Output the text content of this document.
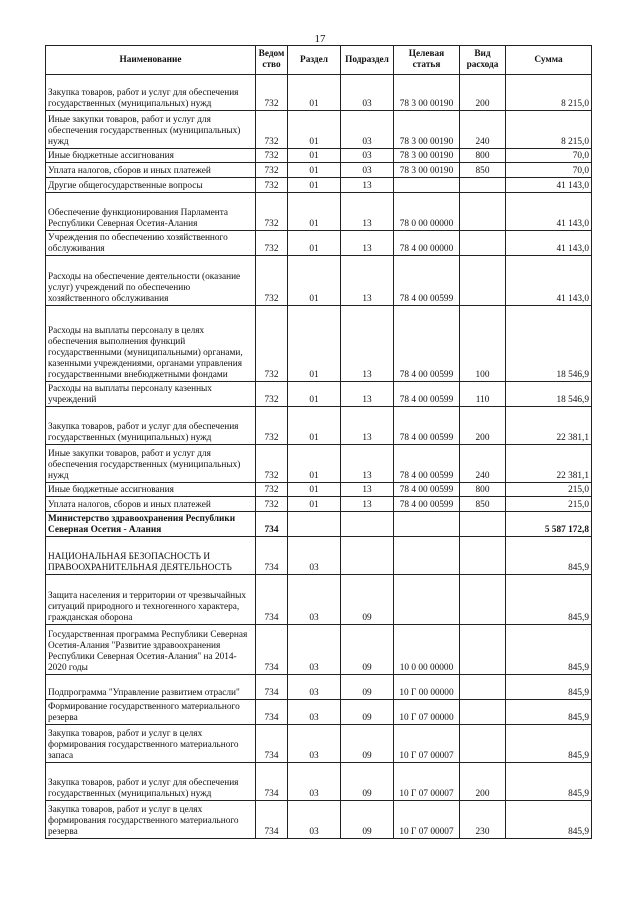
17
Наименование	Ведом ство	Раздел	Подраздел	Целевая статья	Вид расхода	Сумма
Закупка товаров, работ и услуг для обеспечения государственных (муниципальных) нужд	732	01	03	78 3 00 00190	200	8 215,0
Иные закупки товаров, работ и услуг для обеспечения государственных (муниципальных) нужд	732	01	03	78 3 00 00190	240	8 215,0
Иные бюджетные ассигнования	732	01	03	78 3 00 00190	800	70,0
Уплата налогов, сборов и иных платежей	732	01	03	78 3 00 00190	850	70,0
Другие общегосударственные вопросы	732	01	13			41 143,0
Обеспечение функционирования Парламента Республики Северная Осетия-Алания	732	01	13	78 0 00 00000		41 143,0
Учреждения по обеспечению хозяйственного обслуживания	732	01	13	78 4 00 00000		41 143,0
Расходы на обеспечение деятельности (оказание услуг) учреждений по обеспечению хозяйственного обслуживания	732	01	13	78 4 00 00599		41 143,0
Расходы на выплаты персоналу в целях обеспечения выполнения функций государственными (муниципальными) органами, казенными учреждениями, органами управления государственными внебюджетными фондами	732	01	13	78 4 00 00599	100	18 546,9
Расходы на выплаты персоналу казенных учреждений	732	01	13	78 4 00 00599	110	18 546,9
Закупка товаров, работ и услуг для обеспечения государственных (муниципальных) нужд	732	01	13	78 4 00 00599	200	22 381,1
Иные закупки товаров, работ и услуг для обеспечения государственных (муниципальных) нужд	732	01	13	78 4 00 00599	240	22 381,1
Иные бюджетные ассигнования	732	01	13	78 4 00 00599	800	215,0
Уплата налогов, сборов и иных платежей	732	01	13	78 4 00 00599	850	215,0
Министерство здравоохранения Республики Северная Осетия - Алания	734					5 587 172,8
НАЦИОНАЛЬНАЯ БЕЗОПАСНОСТЬ И ПРАВООХРАНИТЕЛЬНАЯ ДЕЯТЕЛЬНОСТЬ	734	03				845,9
Защита населения и территории от чрезвычайных ситуаций природного и техногенного характера, гражданская оборона	734	03	09			845,9
Государственная программа Республики Северная Осетия-Алания "Развитие здравоохранения Республики Северная Осетия-Алания" на 2014-2020 годы	734	03	09	10 0 00 00000		845,9
Подпрограмма "Управление развитием отрасли"	734	03	09	10 Г 00 00000		845,9
Формирование государственного материального резерва	734	03	09	10 Г 07 00000		845,9
Закупка товаров, работ и услуг в целях формирования государственного материального запаса	734	03	09	10 Г 07 00007		845,9
Закупка товаров, работ и услуг для обеспечения государственных (муниципальных) нужд	734	03	09	10 Г 07 00007	200	845,9
Закупка товаров, работ и услуг в целях формирования государственного материального резерва	734	03	09	10 Г 07 00007	230	845,9
